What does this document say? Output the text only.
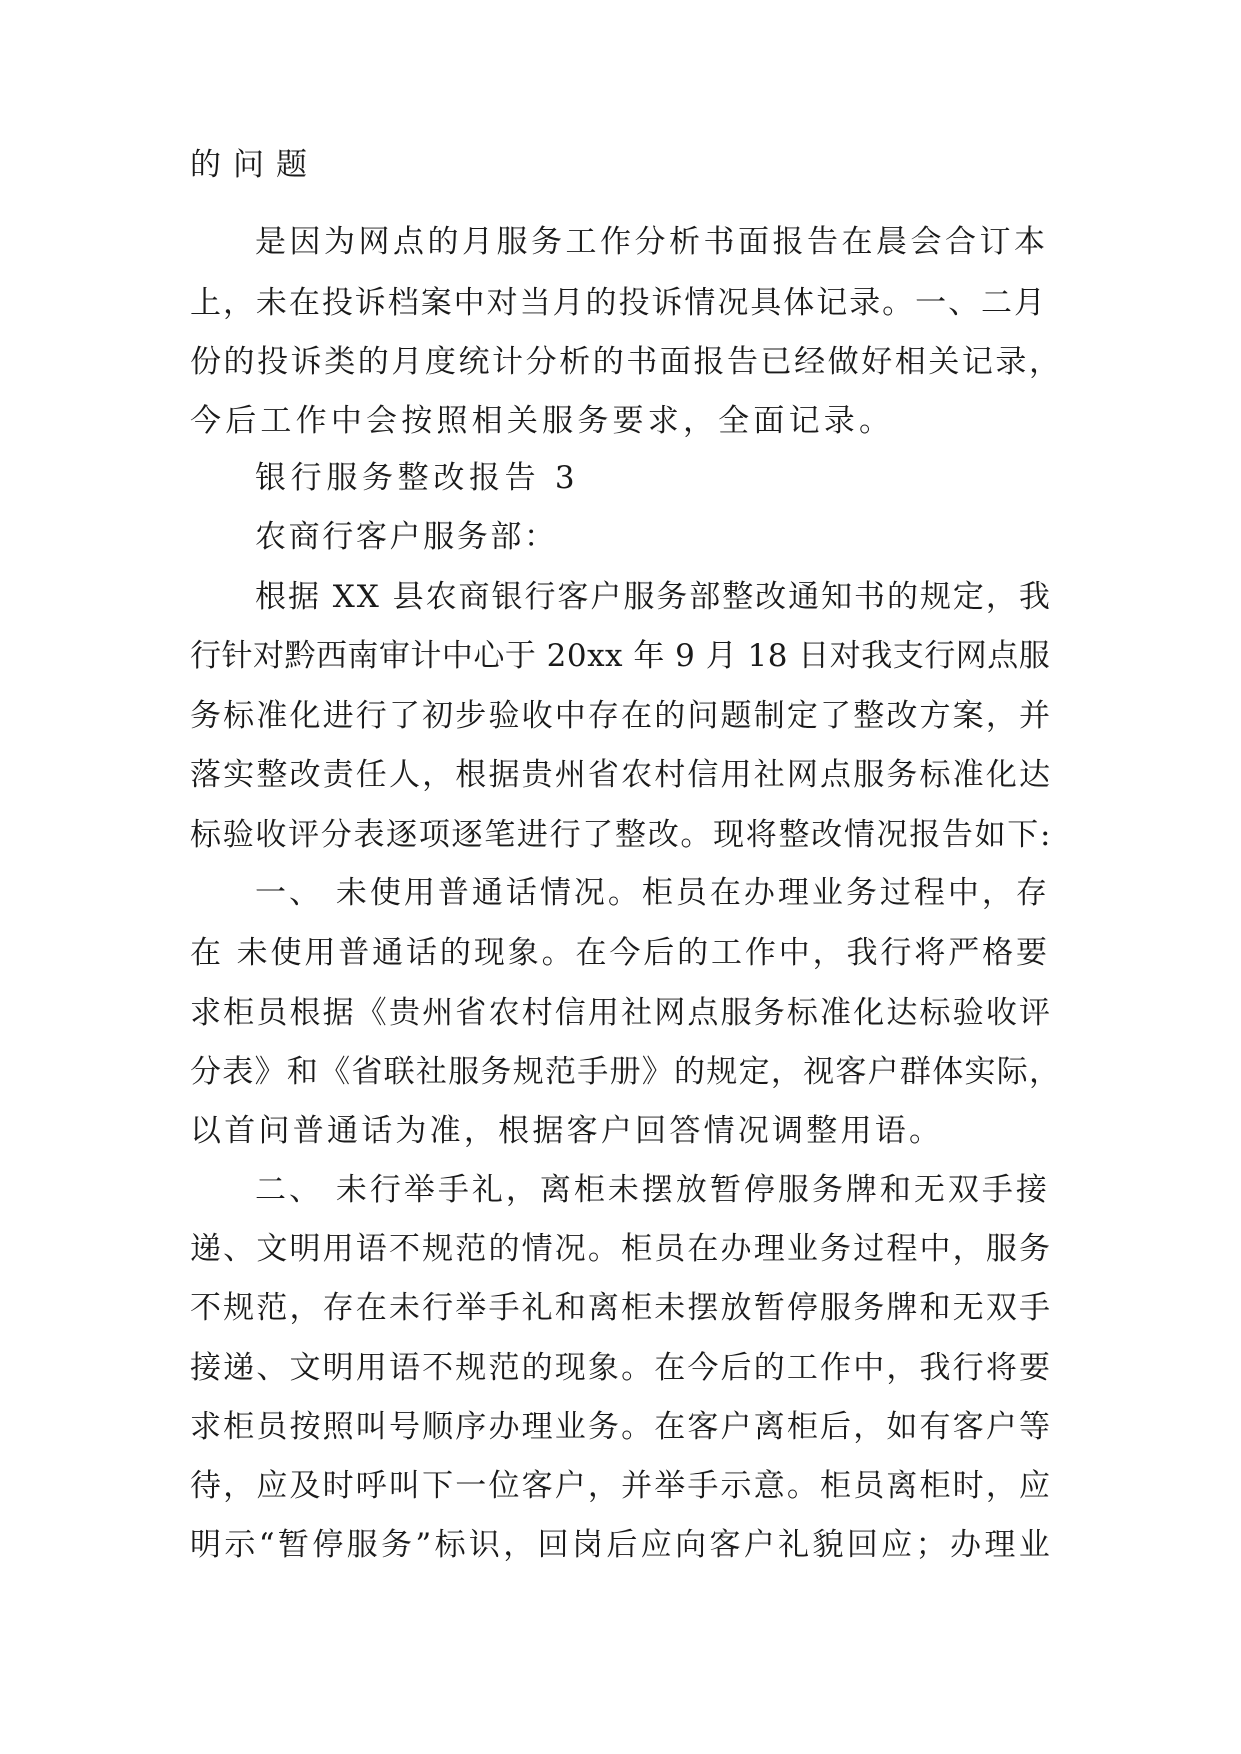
的问题
是因为网点的月服务工作分析书面报告在晨会合订本
上，未在投诉档案中对当月的投诉情况具体记录。一、二月
份的投诉类的月度统计分析的书面报告已经做好相关记录，
今后工作中会按照相关服务要求，全面记录。
银行服务整改报告 3
农商行客户服务部：
根据 XX 县农商银行客户服务部整改通知书的规定，我
行针对黔西南审计中心于 20xx 年 9 月 18 日对我支行网点服
务标准化进行了初步验收中存在的问题制定了整改方案，并
落实整改责任人，根据贵州省农村信用社网点服务标准化达
标验收评分表逐项逐笔进行了整改。现将整改情况报告如下:
一、 未使用普通话情况。柜员在办理业务过程中，存
在 未使用普通话的现象。在今后的工作中，我行将严格要
求柜员根据《贵州省农村信用社网点服务标准化达标验收评
分表》和《省联社服务规范手册》的规定，视客户群体实际，
以首问普通话为准，根据客户回答情况调整用语。
二、 未行举手礼，离柜未摆放暂停服务牌和无双手接
递、文明用语不规范的情况。柜员在办理业务过程中，服务
不规范，存在未行举手礼和离柜未摆放暂停服务牌和无双手
接递、文明用语不规范的现象。在今后的工作中，我行将要
求柜员按照叫号顺序办理业务。在客户离柜后，如有客户等
待，应及时呼叫下一位客户，并举手示意。柜员离柜时，应
明示“暂停服务”标识，回岗后应向客户礼貌回应；办理业
